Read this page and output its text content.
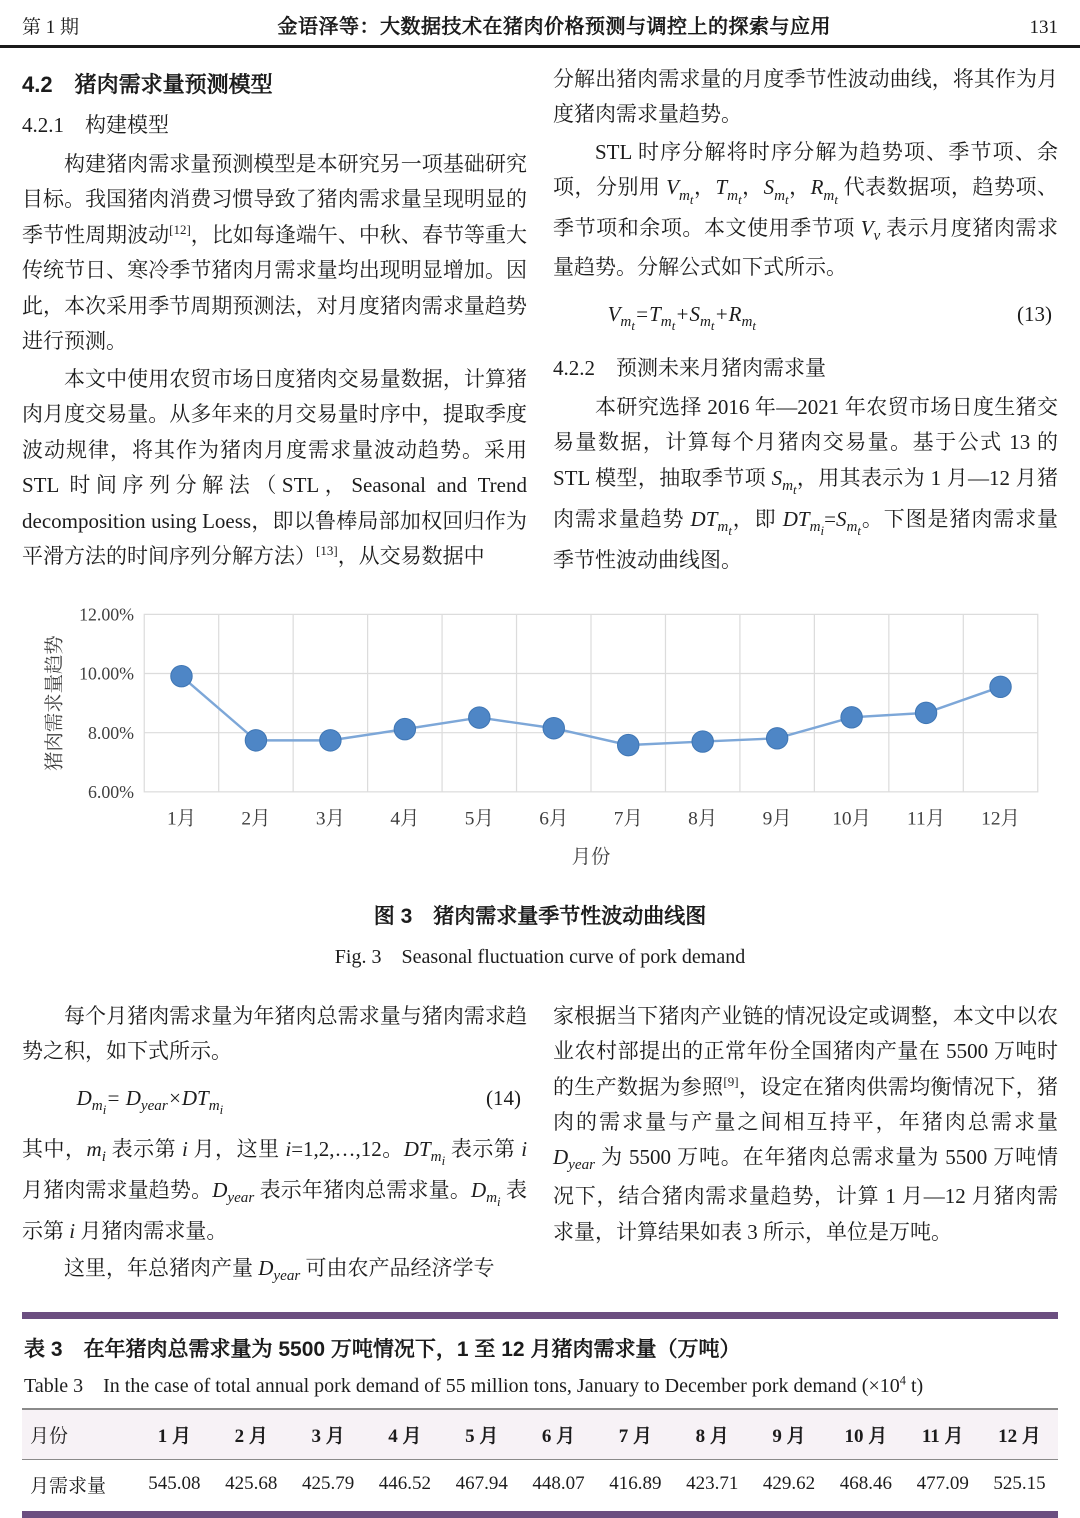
第 1 期	金语泽等：大数据技术在猪肉价格预测与调控上的探索与应用	131
4.2　猪肉需求量预测模型
4.2.1　构建模型

构建猪肉需求量预测模型是本研究另一项基础研究目标。我国猪肉消费习惯导致了猪肉需求量呈现明显的季节性周期波动[12]，比如每逢端午、中秋、春节等重大传统节日、寒冷季节猪肉月需求量均出现明显增加。因此，本次采用季节周期预测法，对月度猪肉需求量趋势进行预测。

本文中使用农贸市场日度猪肉交易量数据，计算猪肉月度交易量。从多年来的月交易量时序中，提取季度波动规律，将其作为猪肉月度需求量波动趋势。采用 STL 时间序列分解法（STL，Seasonal and Trend decomposition using Loess，即以鲁棒局部加权回归作为平滑方法的时间序列分解方法）[13]，从交易数据中

分解出猪肉需求量的月度季节性波动曲线，将其作为月度猪肉需求量趋势。

STL 时序分解将时序分解为趋势项、季节项、余项，分别用 $V_{m_t}$，$T_{m_t}$，$S_{m_t}$，$R_{m_t}$ 代表数据项，趋势项、季节项和余项。本文使用季节项 $V_v$ 表示月度猪肉需求量趋势。分解公式如下式所示。

$V_{m_t}=T_{m_t}+S_{m_t}+R_{m_t}$
(13)
4.2.2　预测未来月猪肉需求量

本研究选择 2016 年—2021 年农贸市场日度生猪交易量数据，计算每个月猪肉交易量。基于公式 13 的 STL 模型，抽取季节项 $S_{m_t}$，用其表示为 1 月—12 月猪肉需求量趋势 $DT_{m_t}$，即 $DT_{m_i}=S_{m_t}$。下图是猪肉需求量季节性波动曲线图。

6.00%
8.00%
10.00%
12.00%
1月 2月 3月 4月 5月 6月 7月 8月 9月 10月 11月 12月
月份
猪肉需求量趋势
图 3　猪肉需求量季节性波动曲线图
Fig. 3　Seasonal fluctuation curve of pork demand

每个月猪肉需求量为年猪肉总需求量与猪肉需求趋势之积，如下式所示。

$D_{m_i}= D_{year}\times DT_{m_i}$
(14)

其中，$m_i$ 表示第 i 月，这里 i=1,2,…,12。$DT_{m_i}$ 表示第 i 月猪肉需求量趋势。$D_{year}$ 表示年猪肉总需求量。$D_{m_i}$ 表示第 i 月猪肉需求量。

这里，年总猪肉产量 $D_{year}$ 可由农产品经济学专

家根据当下猪肉产业链的情况设定或调整，本文中以农业农村部提出的正常年份全国猪肉产量在 5500 万吨时的生产数据为参照[9]，设定在猪肉供需均衡情况下，猪肉的需求量与产量之间相互持平，年猪肉总需求量 $D_{year}$ 为 5500 万吨。在年猪肉总需求量为 5500 万吨情况下，结合猪肉需求量趋势，计算 1 月—12 月猪肉需求量，计算结果如表 3 所示，单位是万吨。

表 3　在年猪肉总需求量为 5500 万吨情况下，1 至 12 月猪肉需求量（万吨）
Table 3　In the case of total annual pork demand of 55 million tons, January to December pork demand ($\times 10^4$ t)
月份	1 月	2 月	3 月	4 月	5 月	6 月	7 月	8 月	9 月	10 月	11 月	12 月
月需求量	545.08	425.68	425.79	446.52	467.94	448.07	416.89	423.71	429.62	468.46	477.09	525.15
